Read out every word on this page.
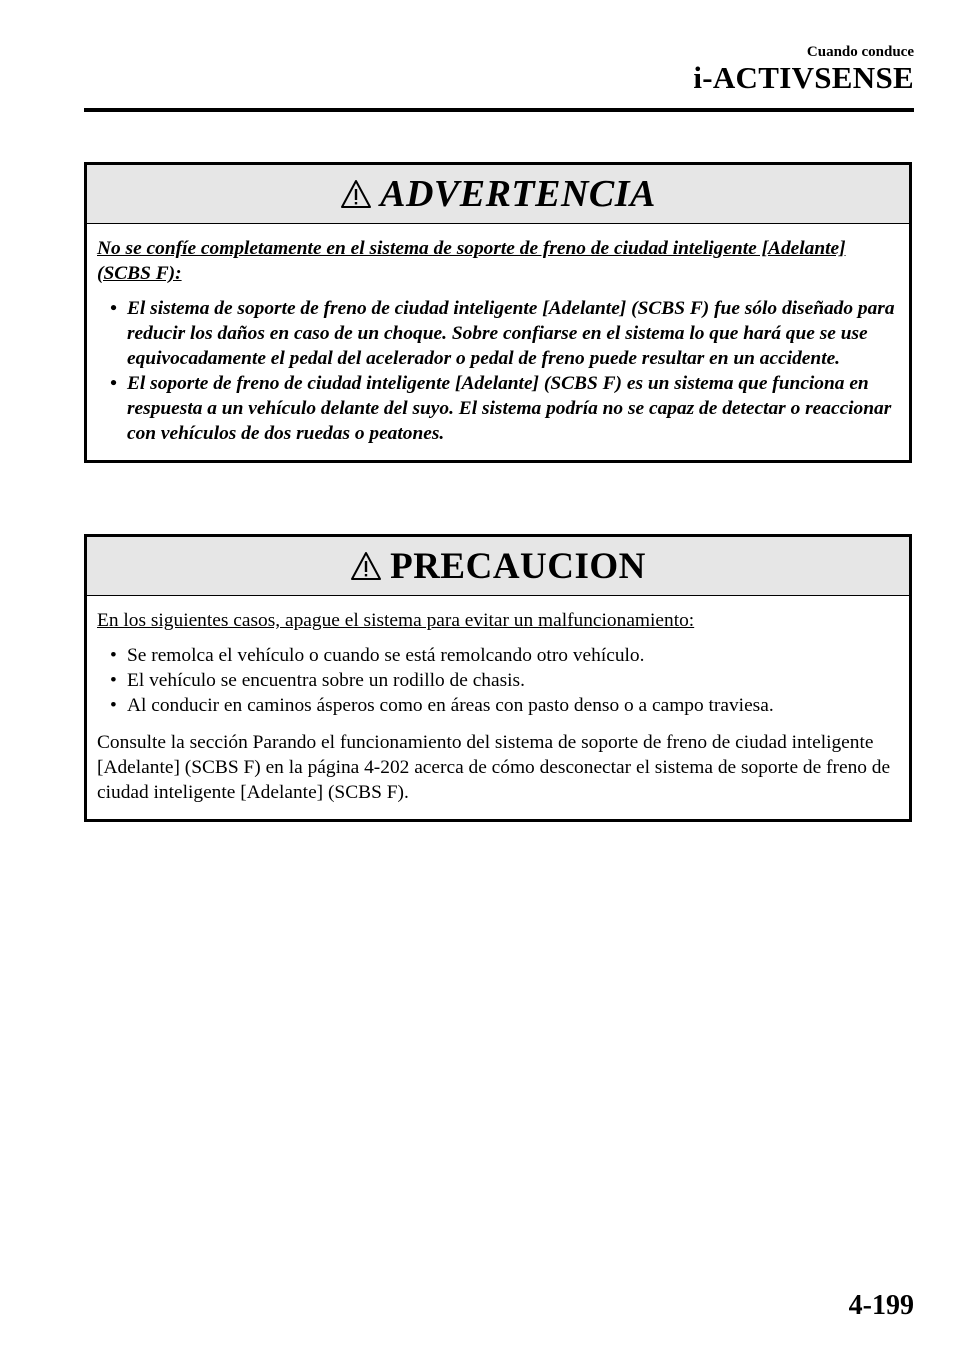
Cuando conduce
i-ACTIVSENSE
ADVERTENCIA

No se confíe completamente en el sistema de soporte de freno de ciudad inteligente [Adelante] (SCBS F):

• El sistema de soporte de freno de ciudad inteligente [Adelante] (SCBS F) fue sólo diseñado para reducir los daños en caso de un choque. Sobre confiarse en el sistema lo que hará que se use equivocadamente el pedal del acelerador o pedal de freno puede resultar en un accidente.
• El soporte de freno de ciudad inteligente [Adelante] (SCBS F) es un sistema que funciona en respuesta a un vehículo delante del suyo. El sistema podría no se capaz de detectar o reaccionar con vehículos de dos ruedas o peatones.
PRECAUCION

En los siguientes casos, apague el sistema para evitar un malfuncionamiento:

• Se remolca el vehículo o cuando se está remolcando otro vehículo.
• El vehículo se encuentra sobre un rodillo de chasis.
• Al conducir en caminos ásperos como en áreas con pasto denso o a campo traviesa.

Consulte la sección Parando el funcionamiento del sistema de soporte de freno de ciudad inteligente [Adelante] (SCBS F) en la página 4-202 acerca de cómo desconectar el sistema de soporte de freno de ciudad inteligente [Adelante] (SCBS F).

4-199
